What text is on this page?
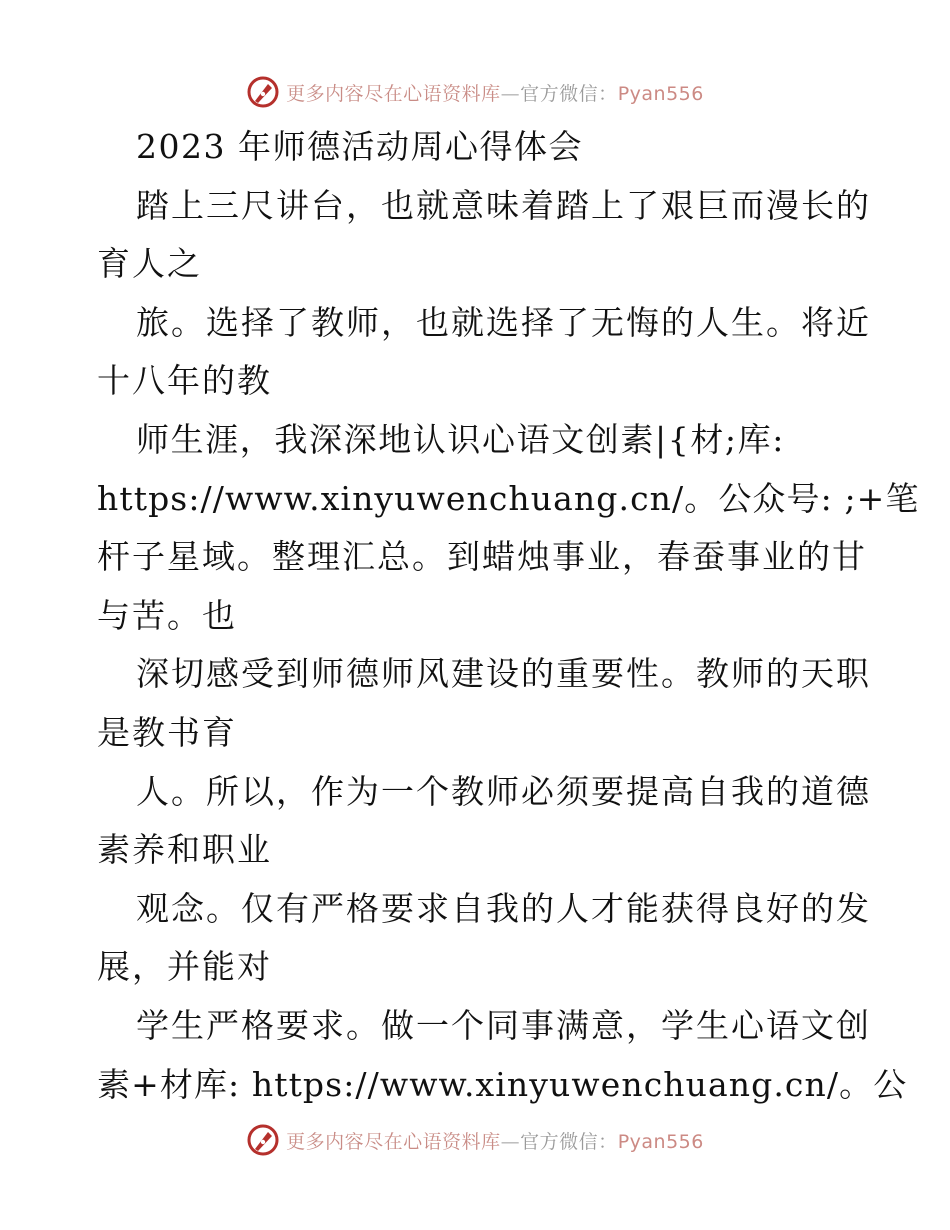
更多内容尽在心语资料库—官方微信：Pyan556
2023 年师德活动周心得体会
踏上三尺讲台，也就意味着踏上了艰巨而漫长的
育人之
旅。选择了教师，也就选择了无悔的人生。将近
十八年的教
师生涯，我深深地认识心语文创素|{材;库:
https://www.xinyuwenchuang.cn/。公众号: ;+笔
杆子星域。整理汇总。到蜡烛事业，春蚕事业的甘
与苦。也
深切感受到师德师风建设的重要性。教师的天职
是教书育
人。所以，作为一个教师必须要提高自我的道德
素养和职业
观念。仅有严格要求自我的人才能获得良好的发
展，并能对
学生严格要求。做一个同事满意，学生心语文创
素+材库: https://www.xinyuwenchuang.cn/。公
更多内容尽在心语资料库—官方微信：Pyan556
